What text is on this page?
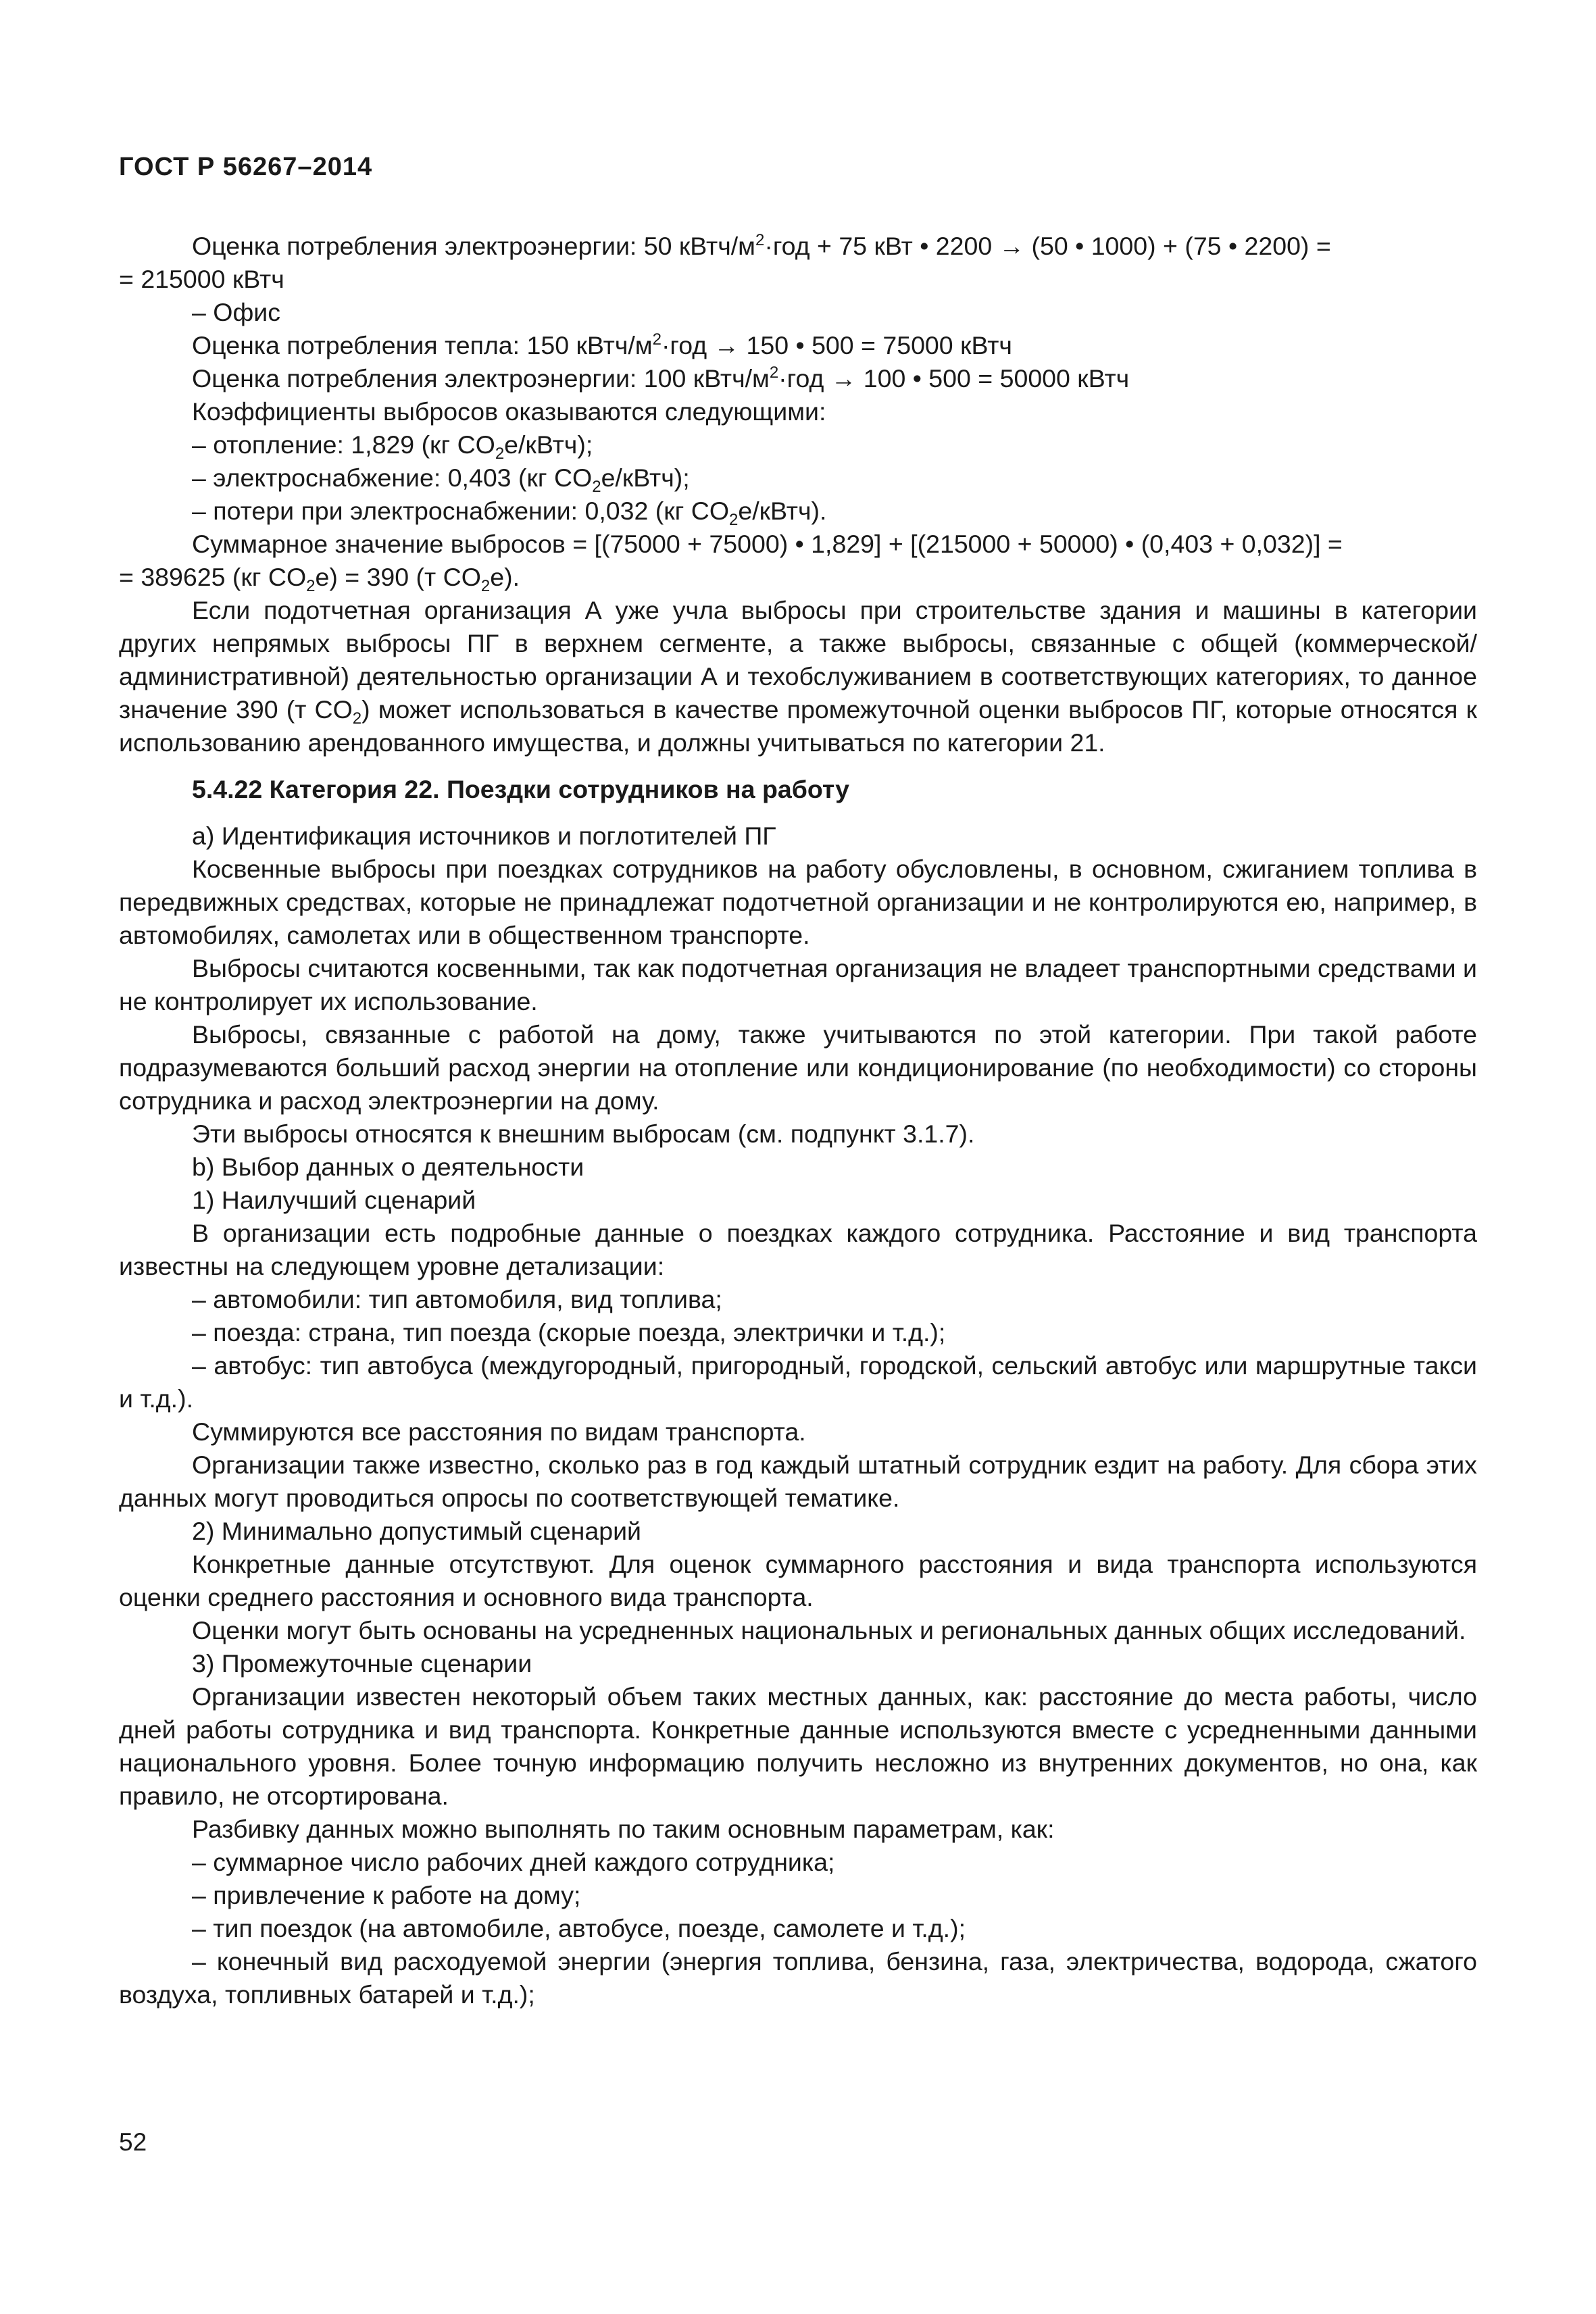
ГОСТ Р 56267–2014

Оценка потребления электроэнергии: 50 кВтч/$м^2\cdot год + 75$ кВт • 2200 → (50 • 1000) + (75 • 2200) =
= 215000 кВтч

– Офис

Оценка потребления тепла: 150 кВтч/$м^2\cdot год \to 150$ • 500 = 75000 кВтч

Оценка потребления электроэнергии: 100 кВтч/$м^2\cdot год \to 100$ • 500 = 50000 кВтч

Коэффициенты выбросов оказываются следующими:

– отопление: 1,829 (кг $CO_2e/кВтч$);

– электроснабжение: 0,403 (кг $CO_2e/кВтч$);

– потери при электроснабжении: 0,032 (кг $CO_2e/кВтч$).

Суммарное значение выбросов = [(75000 + 75000) • 1,829] + [(215000 + 50000) • (0,403 + 0,032)] =
= 389625 (кг $CO_2e) = 390$ (т $CO_2e$).

Если подотчетная организация А уже учла выбросы при строительстве здания и машины в категории других непрямых выбросы ПГ в верхнем сегменте, а также выбросы, связанные с общей (коммерческой/административной) деятельностью организации А и техобслуживанием в соответствующих категориях, то данное значение 390 (т $CO_2$) может использоваться в качестве промежуточной оценки выбросов ПГ, которые относятся к использованию арендованного имущества, и должны учитываться по категории 21.

5.4.22 Категория 22. Поездки сотрудников на работу

а) Идентификация источников и поглотителей ПГ

Косвенные выбросы при поездках сотрудников на работу обусловлены, в основном, сжиганием топлива в передвижных средствах, которые не принадлежат подотчетной организации и не контролируются ею, например, в автомобилях, самолетах или в общественном транспорте.

Выбросы считаются косвенными, так как подотчетная организация не владеет транспортными средствами и не контролирует их использование.

Выбросы, связанные с работой на дому, также учитываются по этой категории. При такой работе подразумеваются больший расход энергии на отопление или кондиционирование (по необходимости) со стороны сотрудника и расход электроэнергии на дому.

Эти выбросы относятся к внешним выбросам (см. подпункт 3.1.7).

b) Выбор данных о деятельности

1) Наилучший сценарий

В организации есть подробные данные о поездках каждого сотрудника. Расстояние и вид транспорта известны на следующем уровне детализации:

– автомобили: тип автомобиля, вид топлива;

– поезда: страна, тип поезда (скорые поезда, электрички и т.д.);

– автобус: тип автобуса (междугородный, пригородный, городской, сельский автобус или маршрутные такси и т.д.).

Суммируются все расстояния по видам транспорта.

Организации также известно, сколько раз в год каждый штатный сотрудник ездит на работу. Для сбора этих данных могут проводиться опросы по соответствующей тематике.

2) Минимально допустимый сценарий

Конкретные данные отсутствуют. Для оценок суммарного расстояния и вида транспорта используются оценки среднего расстояния и основного вида транспорта.

Оценки могут быть основаны на усредненных национальных и региональных данных общих исследований.

3) Промежуточные сценарии

Организации известен некоторый объем таких местных данных, как: расстояние до места работы, число дней работы сотрудника и вид транспорта. Конкретные данные используются вместе с усредненными данными национального уровня. Более точную информацию получить несложно из внутренних документов, но она, как правило, не отсортирована.

Разбивку данных можно выполнять по таким основным параметрам, как:

– суммарное число рабочих дней каждого сотрудника;

– привлечение к работе на дому;

– тип поездок (на автомобиле, автобусе, поезде, самолете и т.д.);

– конечный вид расходуемой энергии (энергия топлива, бензина, газа, электричества, водорода, сжатого воздуха, топливных батарей и т.д.);

52
